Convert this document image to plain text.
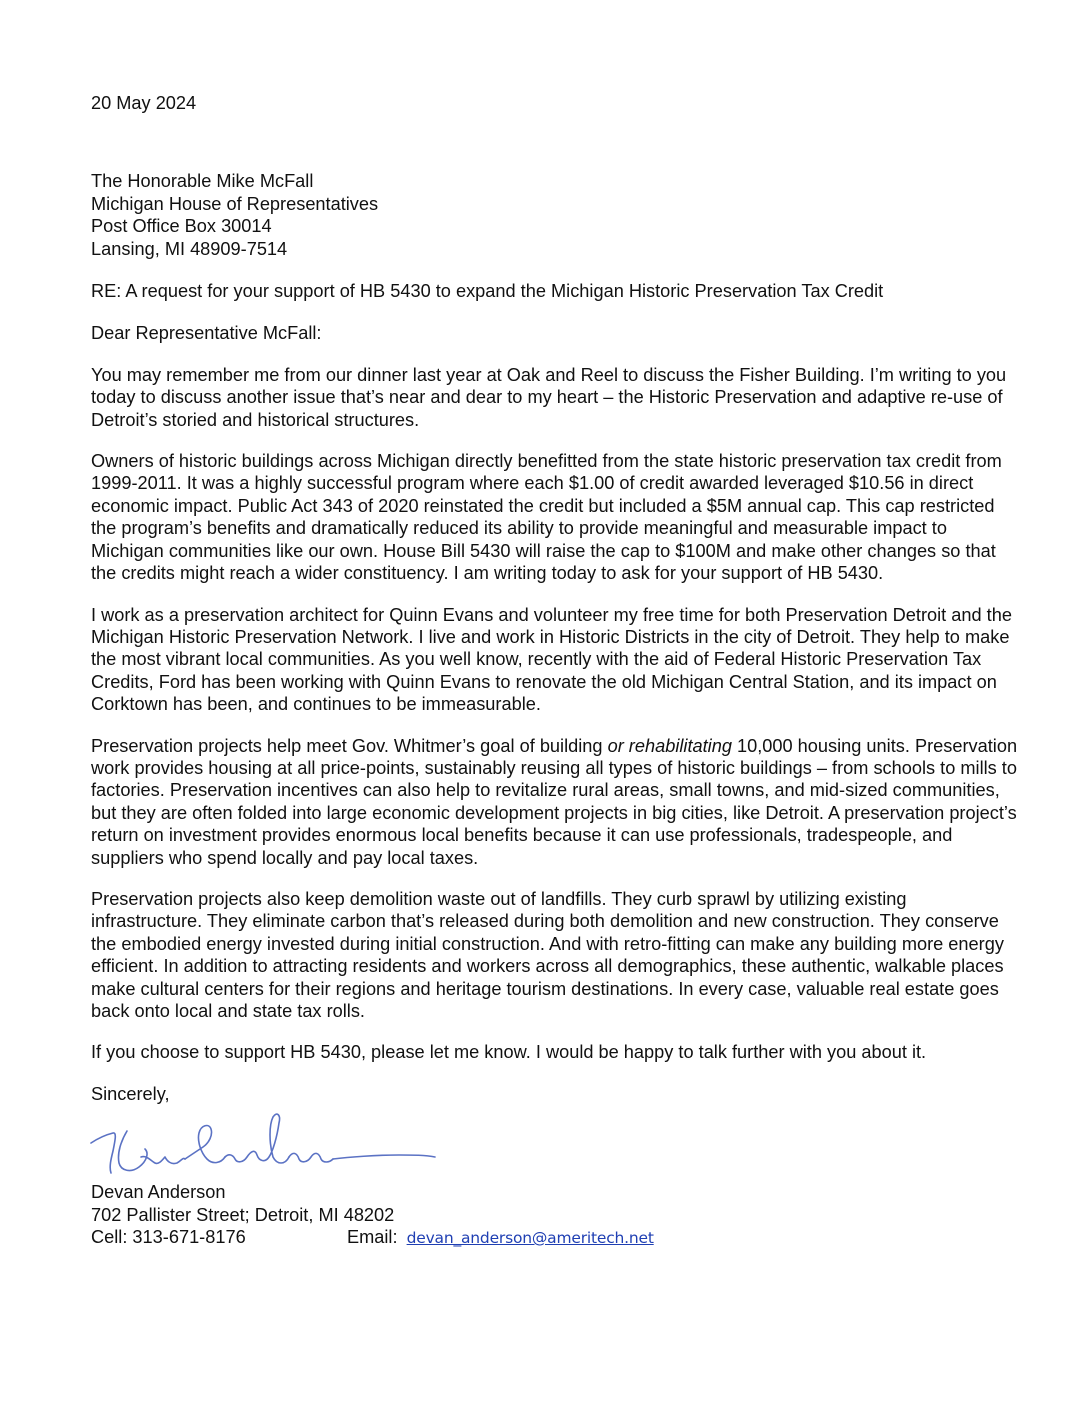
20 May 2024

The Honorable Mike McFall
Michigan House of Representatives
Post Office Box 30014
Lansing, MI 48909-7514

RE: A request for your support of HB 5430 to expand the Michigan Historic Preservation Tax Credit

Dear Representative McFall:

You may remember me from our dinner last year at Oak and Reel to discuss the Fisher Building. I’m writing to you today to discuss another issue that’s near and dear to my heart – the Historic Preservation and adaptive re-use of Detroit’s storied and historical structures.

Owners of historic buildings across Michigan directly benefitted from the state historic preservation tax credit from 1999-2011. It was a highly successful program where each $1.00 of credit awarded leveraged $10.56 in direct economic impact. Public Act 343 of 2020 reinstated the credit but included a $5M annual cap. This cap restricted the program’s benefits and dramatically reduced its ability to provide meaningful and measurable impact to Michigan communities like our own. House Bill 5430 will raise the cap to $100M and make other changes so that the credits might reach a wider constituency. I am writing today to ask for your support of HB 5430.

I work as a preservation architect for Quinn Evans and volunteer my free time for both Preservation Detroit and the Michigan Historic Preservation Network. I live and work in Historic Districts in the city of Detroit. They help to make the most vibrant local communities. As you well know, recently with the aid of Federal Historic Preservation Tax Credits, Ford has been working with Quinn Evans to renovate the old Michigan Central Station, and its impact on Corktown has been, and continues to be immeasurable.

Preservation projects help meet Gov. Whitmer’s goal of building or rehabilitating 10,000 housing units. Preservation work provides housing at all price-points, sustainably reusing all types of historic buildings – from schools to mills to factories. Preservation incentives can also help to revitalize rural areas, small towns, and mid-sized communities, but they are often folded into large economic development projects in big cities, like Detroit. A preservation project’s return on investment provides enormous local benefits because it can use professionals, tradespeople, and suppliers who spend locally and pay local taxes.

Preservation projects also keep demolition waste out of landfills. They curb sprawl by utilizing existing infrastructure. They eliminate carbon that’s released during both demolition and new construction. They conserve the embodied energy invested during initial construction. And with retro-fitting can make any building more energy efficient. In addition to attracting residents and workers across all demographics, these authentic, walkable places make cultural centers for their regions and heritage tourism destinations. In every case, valuable real estate goes back onto local and state tax rolls.

If you choose to support HB 5430, please let me know. I would be happy to talk further with you about it.

Sincerely,

Devan Anderson
702 Pallister Street; Detroit, MI 48202
Cell: 313-671-8176	Email: devan_anderson@ameritech.net
